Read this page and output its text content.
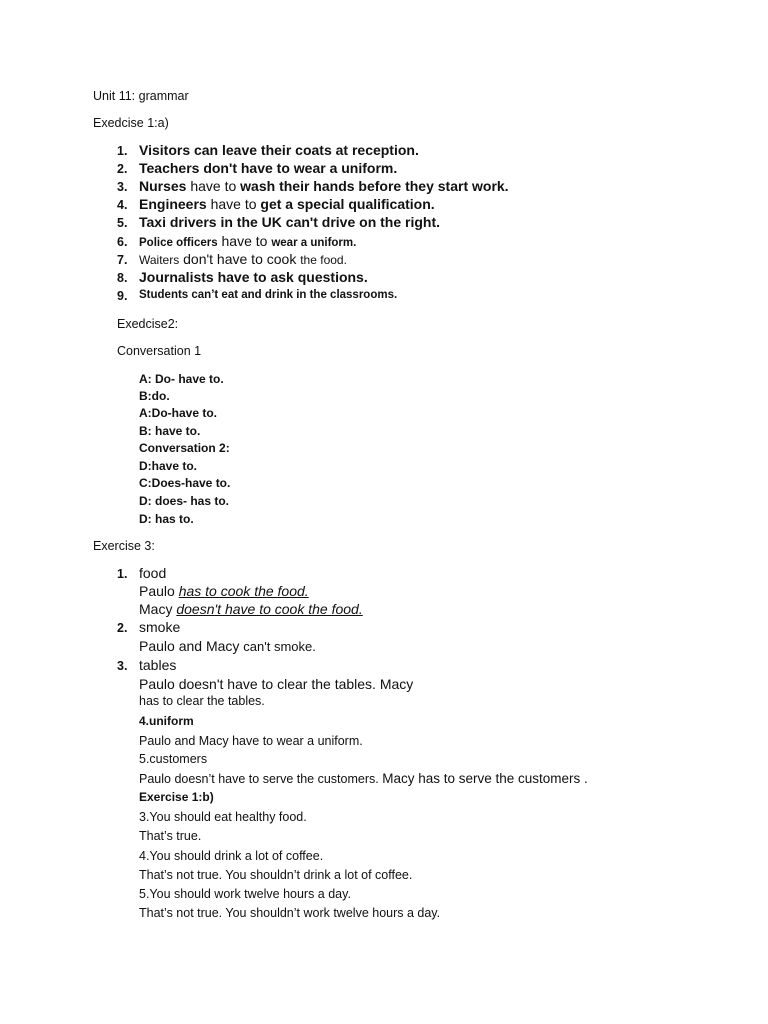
Unit 11: grammar
Exedcise 1:a)
1. Visitors can leave their coats at reception.
2. Teachers don't have to wear a uniform.
3. Nurses have to wash their hands before they start work.
4. Engineers have to get a special qualification.
5. Taxi drivers in the UK can't drive on the right.
6. Police officers have to wear a uniform.
7. Waiters don't have to cook the food.
8. Journalists have to ask questions.
9. Students can’t eat and drink in the classrooms.
Exedcise2:
Conversation 1
A: Do- have to.
B:do.
A:Do-have to.
B: have to.
Conversation 2:
D:have to.
C:Does-have to.
D: does- has to.
D: has to.
Exercise 3:
1. food
Paulo has to cook the food.
Macy doesn't have to cook the food.
2. smoke
Paulo and Macy can't smoke.
3. tables
Paulo doesn't have to clear the tables. Macy
has to clear the tables.
4.uniform
Paulo and Macy have to wear a uniform.
5.customers
Paulo doesn’t have to serve the customers. Macy has to serve the customers .
Exercise 1:b)
3.You should eat healthy food.
That’s true.
4.You should drink a lot of coffee.
That’s not true. You shouldn’t drink a lot of coffee.
5.You should work twelve hours a day.
That’s not true. You shouldn’t work twelve hours a day.
